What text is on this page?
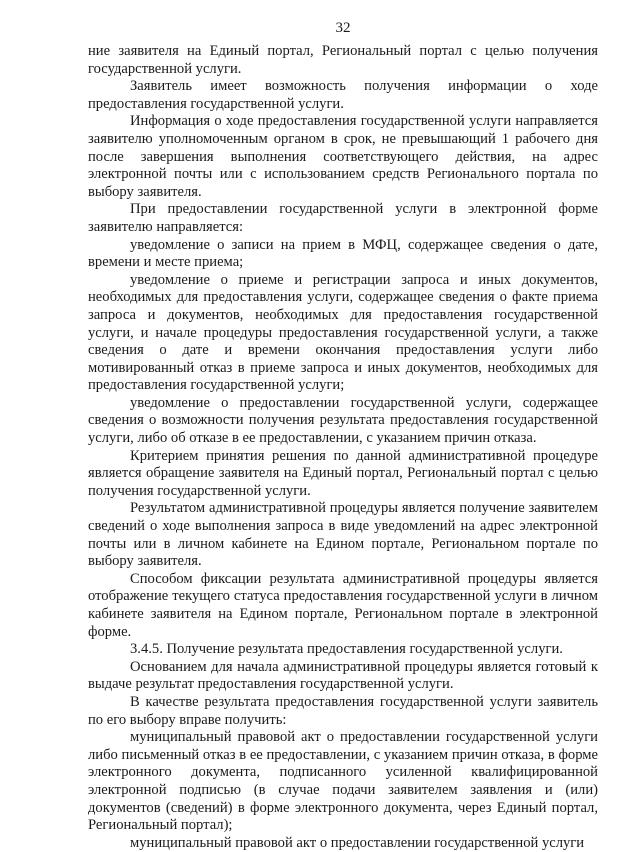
32

ние заявителя на Единый портал, Региональный портал с целью получения государственной услуги.

Заявитель имеет возможность получения информации о ходе предоставления государственной услуги.

Информация о ходе предоставления государственной услуги направляется заявителю уполномоченным органом в срок, не превышающий 1 рабочего дня после завершения выполнения соответствующего действия, на адрес электронной почты или с использованием средств Регионального портала по выбору заявителя.

При предоставлении государственной услуги в электронной форме заявителю направляется:

уведомление о записи на прием в МФЦ, содержащее сведения о дате, времени и месте приема;

уведомление о приеме и регистрации запроса и иных документов, необходимых для предоставления услуги, содержащее сведения о факте приема запроса и документов, необходимых для предоставления государственной услуги, и начале процедуры предоставления государственной услуги, а также сведения о дате и времени окончания предоставления услуги либо мотивированный отказ в приеме запроса и иных документов, необходимых для предоставления государственной услуги;

уведомление о предоставлении государственной услуги, содержащее сведения о возможности получения результата предоставления государственной услуги, либо об отказе в ее предоставлении, с указанием причин отказа.

Критерием принятия решения по данной административной процедуре является обращение заявителя на Единый портал, Региональный портал с целью получения государственной услуги.

Результатом административной процедуры является получение заявителем сведений о ходе выполнения запроса в виде уведомлений на адрес электронной почты или в личном кабинете на Едином портале, Региональном портале по выбору заявителя.

Способом фиксации результата административной процедуры является отображение текущего статуса предоставления государственной услуги в личном кабинете заявителя на Едином портале, Региональном портале в электронной форме.

3.4.5. Получение результата предоставления государственной услуги.

Основанием для начала административной процедуры является готовый к выдаче результат предоставления государственной услуги.

В качестве результата предоставления государственной услуги заявитель по его выбору вправе получить:

муниципальный правовой акт о предоставлении государственной услуги либо письменный отказ в ее предоставлении, с указанием причин отказа, в форме электронного документа, подписанного усиленной квалифицированной электронной подписью (в случае подачи заявителем заявления и (или) документов (сведений) в форме электронного документа, через Единый портал, Региональный портал);

муниципальный правовой акт о предоставлении государственной услуги
